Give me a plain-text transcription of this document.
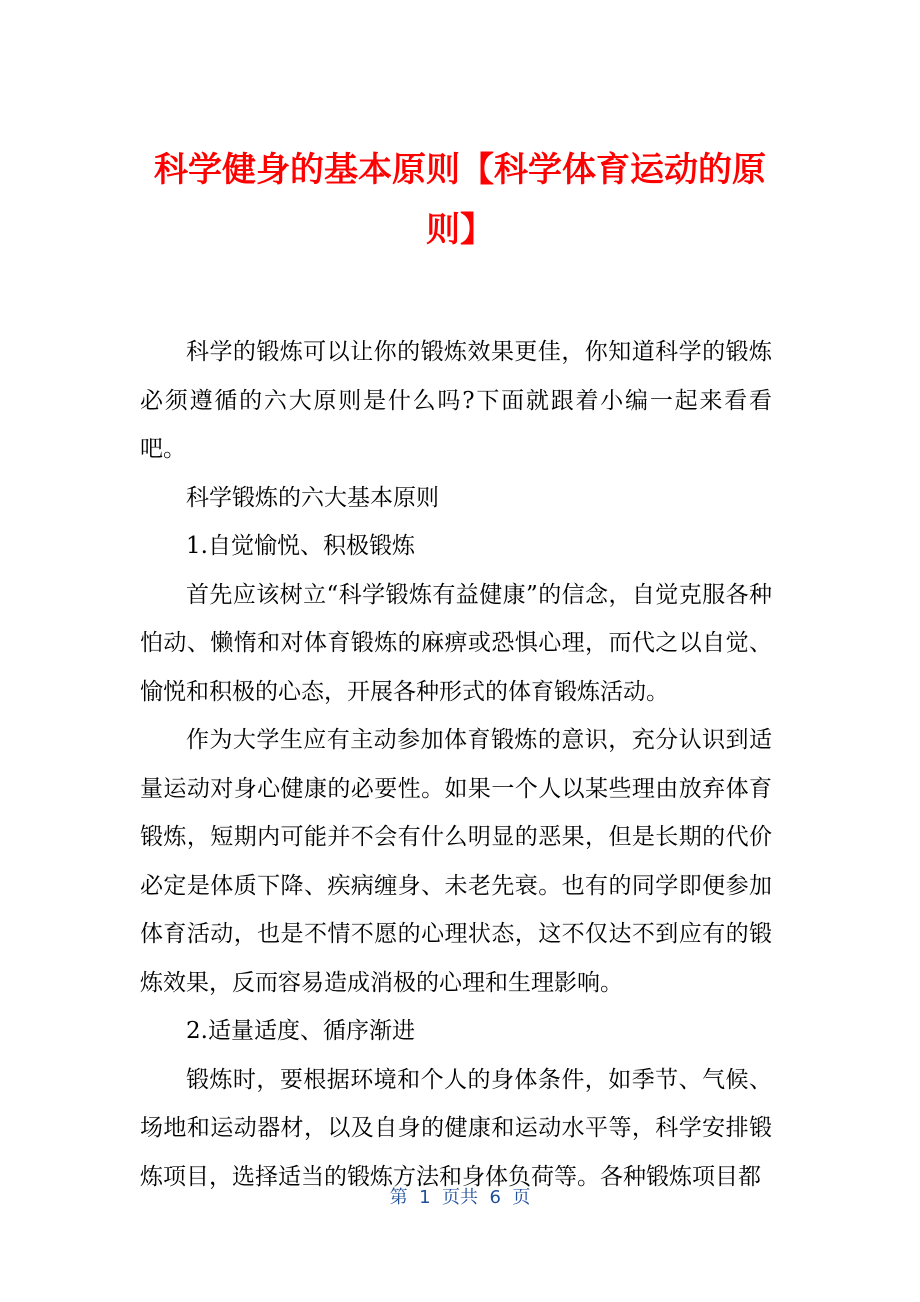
科学健身的基本原则【科学体育运动的原则】

科学的锻炼可以让你的锻炼效果更佳，你知道科学的锻炼必须遵循的六大原则是什么吗?下面就跟着小编一起来看看吧。

科学锻炼的六大基本原则

1.自觉愉悦、积极锻炼

首先应该树立“科学锻炼有益健康”的信念，自觉克服各种怕动、懒惰和对体育锻炼的麻痹或恐惧心理，而代之以自觉、愉悦和积极的心态，开展各种形式的体育锻炼活动。

作为大学生应有主动参加体育锻炼的意识，充分认识到适量运动对身心健康的必要性。如果一个人以某些理由放弃体育锻炼，短期内可能并不会有什么明显的恶果，但是长期的代价必定是体质下降、疾病缠身、未老先衰。也有的同学即便参加体育活动，也是不情不愿的心理状态，这不仅达不到应有的锻炼效果，反而容易造成消极的心理和生理影响。

2.适量适度、循序渐进

锻炼时，要根据环境和个人的身体条件，如季节、气候、场地和运动器材，以及自身的健康和运动水平等，科学安排锻炼项目，选择适当的锻炼方法和身体负荷等。各种锻炼项目都

第  1  页共  6  页
